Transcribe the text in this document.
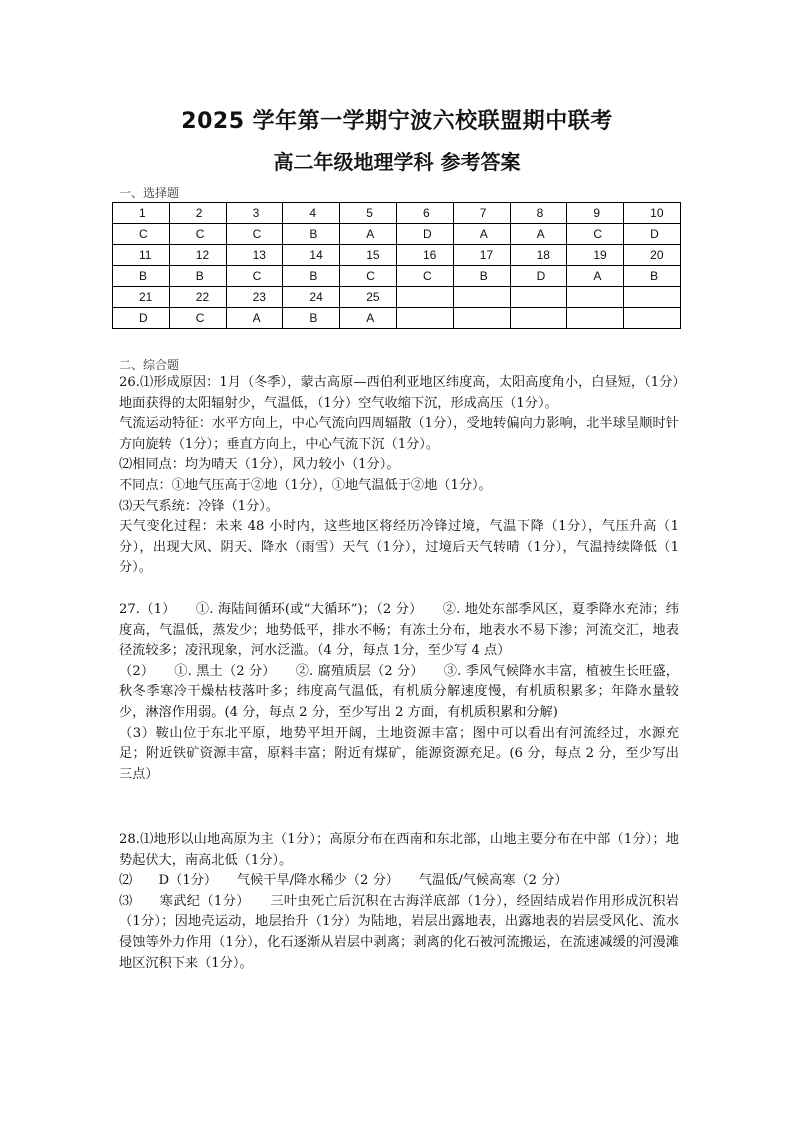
2025 学年第一学期宁波六校联盟期中联考
高二年级地理学科 参考答案
一、选择题
1	2	3	4	5	6	7	8	9	10
C	C	C	B	A	D	A	A	C	D
11	12	13	14	15	16	17	18	19	20
B	B	C	B	C	C	B	D	A	B
21	22	23	24	25					
D	C	A	B	A					
二、综合题

26.⑴形成原因：1月（冬季），蒙古高原—西伯利亚地区纬度高，太阳高度角小，白昼短，（1分）地面获得的太阳辐射少，气温低，（1分）空气收缩下沉，形成高压（1分）。

气流运动特征：水平方向上，中心气流向四周辐散（1分），受地转偏向力影响，北半球呈顺时针方向旋转（1分）；垂直方向上，中心气流下沉（1分）。

⑵相同点：均为晴天（1分），风力较小（1分）。

不同点：①地气压高于②地（1分），①地气温低于②地（1分）。

⑶天气系统：冷锋（1分）。

天气变化过程：未来 48 小时内，这些地区将经历冷锋过境，气温下降（1分），气压升高（1分），出现大风、阴天、降水（雨雪）天气（1分），过境后天气转晴（1分），气温持续降低（1分）。

27.（1）　　①. 海陆间循环(或“大循环”)；（2 分）　　②. 地处东部季风区，夏季降水充沛；纬度高，气温低，蒸发少；地势低平，排水不畅；有冻土分布，地表水不易下渗；河流交汇，地表径流较多；凌汛现象，河水泛滥。（4 分，每点 1分，至少写 4 点）

（2）　　①. 黑土（2 分）　　②. 腐殖质层（2 分）　　③. 季风气候降水丰富，植被生长旺盛，秋冬季寒冷干燥枯枝落叶多；纬度高气温低，有机质分解速度慢，有机质积累多；年降水量较少，淋溶作用弱。(4 分，每点 2 分，至少写出 2 方面，有机质积累和分解)

（3）鞍山位于东北平原，地势平坦开阔，土地资源丰富；图中可以看出有河流经过，水源充足；附近铁矿资源丰富，原料丰富；附近有煤矿，能源资源充足。(6 分，每点 2 分，至少写出三点）

28.⑴地形以山地高原为主（1分）；高原分布在西南和东北部，山地主要分布在中部（1分）；地势起伏大，南高北低（1分）。

⑵　　D（1分）　　气候干旱/降水稀少（2 分）　　气温低/气候高寒（2 分）

⑶　　寒武纪（1分）　　三叶虫死亡后沉积在古海洋底部（1分），经固结成岩作用形成沉积岩（1分）；因地壳运动，地层抬升（1分）为陆地，岩层出露地表，出露地表的岩层受风化、流水侵蚀等外力作用（1分），化石逐渐从岩层中剥离；剥离的化石被河流搬运，在流速减缓的河漫滩地区沉积下来（1分）。
